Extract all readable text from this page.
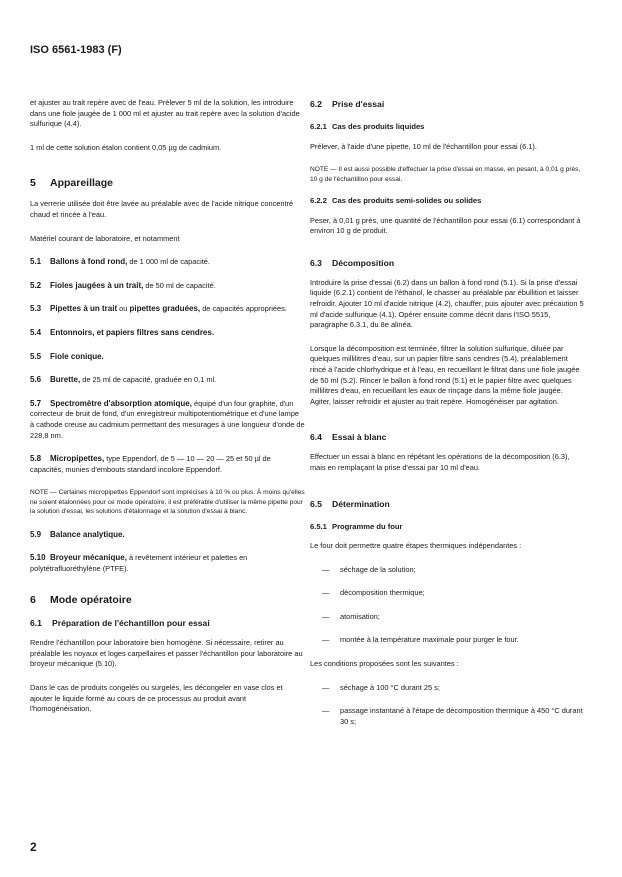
ISO 6561-1983 (F)

et ajuster au trait repère avec de l'eau. Prélever 5 ml de la solution, les introduire dans une fiole jaugée de 1 000 ml et ajuster au trait repère avec la solution d'acide sulfurique (4.4).

1 ml de cette solution étalon contient 0,05 µg de cadmium.

5 Appareillage

La verrerie utilisée doit être lavée au préalable avec de l'acide nitrique concentré chaud et rincée à l'eau.

Matériel courant de laboratoire, et notamment

5.1 Ballons à fond rond, de 1 000 ml de capacité.

5.2 Fioles jaugées à un trait, de 50 ml de capacité.

5.3 Pipettes à un trait ou pipettes graduées, de capacités appropriées.

5.4 Entonnoirs, et papiers filtres sans cendres.

5.5 Fiole conique.

5.6 Burette, de 25 ml de capacité, graduée en 0,1 ml.

5.7 Spectromètre d'absorption atomique, équipé d'un four graphite, d'un correcteur de bruit de fond, d'un enregistreur multipotentiométrique et d'une lampe à cathode creuse au cadmium permettant des mesurages à une longueur d'onde de 228,8 nm.

5.8 Micropipettes, type Eppendorf, de 5 — 10 — 20 — 25 et 50 µl de capacités, munies d'embouts standard incolore Eppendorf.

NOTE — Certaines micropipettes Eppendorf sont imprécises à 10 % ou plus. À moins qu'elles ne soient étalonnées pour ce mode opératoire, il est préférable d'utiliser la même pipette pour la solution d'essai, les solutions d'étalonnage et la solution d'essai à blanc.

5.9 Balance analytique.

5.10 Broyeur mécanique, à revêtement intérieur et palettes en polytétrafluoréthylène (PTFE).

6 Mode opératoire

6.1 Préparation de l'échantillon pour essai

Rendre l'échantillon pour laboratoire bien homogène. Si nécessaire, retirer au préalable les noyaux et loges carpellaires et passer l'échantillon pour laboratoire au broyeur mécanique (5.10).

Dans le cas de produits congelés ou surgelés, les décongeler en vase clos et ajouter le liquide formé au cours de ce processus au produit avant l'homogénéisation.

6.2 Prise d'essai

6.2.1 Cas des produits liquides

Prélever, à l'aide d'une pipette, 10 ml de l'échantillon pour essai (6.1).

NOTE — Il est aussi possible d'effectuer la prise d'essai en masse, en pesant, à 0,01 g près, 10 g de l'échantillon pour essai.

6.2.2 Cas des produits semi-solides ou solides

Peser, à 0,01 g près, une quantité de l'échantillon pour essai (6.1) correspondant à environ 10 g de produit.

6.3 Décomposition

Introduire la prise d'essai (6.2) dans un ballon à fond rond (5.1). Si la prise d'essai liquide (6.2.1) contient de l'éthanol, le chasser au préalable par ébullition et laisser refroidir. Ajouter 10 ml d'acide nitrique (4.2), chauffer, puis ajouter avec précaution 5 ml d'acide sulfurique (4.1). Opérer ensuite comme décrit dans l'ISO 5515, paragraphe 6.3.1, du 8e alinéa.

Lorsque la décomposition est terminée, filtrer la solution sulfurique, diluée par quelques millilitres d'eau, sur un papier filtre sans cendres (5.4), préalablement rincé à l'acide chlorhydrique et à l'eau, en recueillant le filtrat dans une fiole jaugée de 50 ml (5.2). Rincer le ballon à fond rond (5.1) et le papier filtre avec quelques millilitres d'eau, en recueillant les eaux de rinçage dans la même fiole jaugée. Agiter, laisser refroidir et ajuster au trait repère. Homogénéiser par agitation.

6.4 Essai à blanc

Effectuer un essai à blanc en répétant les opérations de la décomposition (6.3), mais en remplaçant la prise d'essai par 10 ml d'eau.

6.5 Détermination

6.5.1 Programme du four

Le four doit permettre quatre étapes thermiques indépendantes :

— séchage de la solution;
— décomposition thermique;
— atomisation;
— montée à la température maximale pour purger le four.

Les conditions proposées sont les suivantes :

— séchage à 100 °C durant 25 s;
— passage instantané à l'étape de décomposition thermique à 450 °C durant 30 s;
2
